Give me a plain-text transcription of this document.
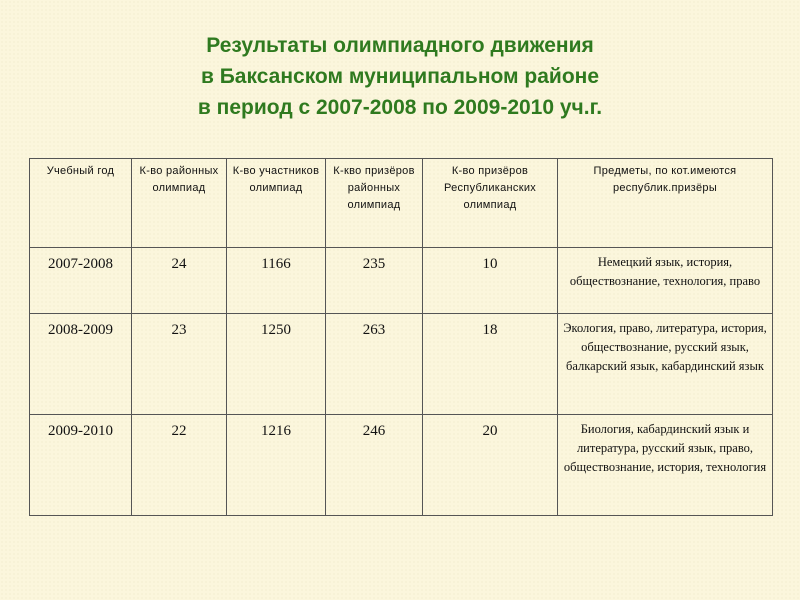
Результаты олимпиадного движения
в Баксанском муниципальном районе
в период с 2007-2008 по 2009-2010 уч.г.
Учебный год	К-во районных олимпиад	К-во участников олимпиад	К-кво призёров районных олимпиад	К-во призёров Республиканских олимпиад	Предметы, по кот.имеются республик.призёры
2007-2008	24	1166	235	10	Немецкий язык, история, обществознание, технология, право
2008-2009	23	1250	263	18	Экология, право, литература, история, обществознание, русский язык, балкарский язык, кабардинский язык
2009-2010	22	1216	246	20	Биология, кабардинский язык и литература, русский язык, право, обществознание, история, технология
